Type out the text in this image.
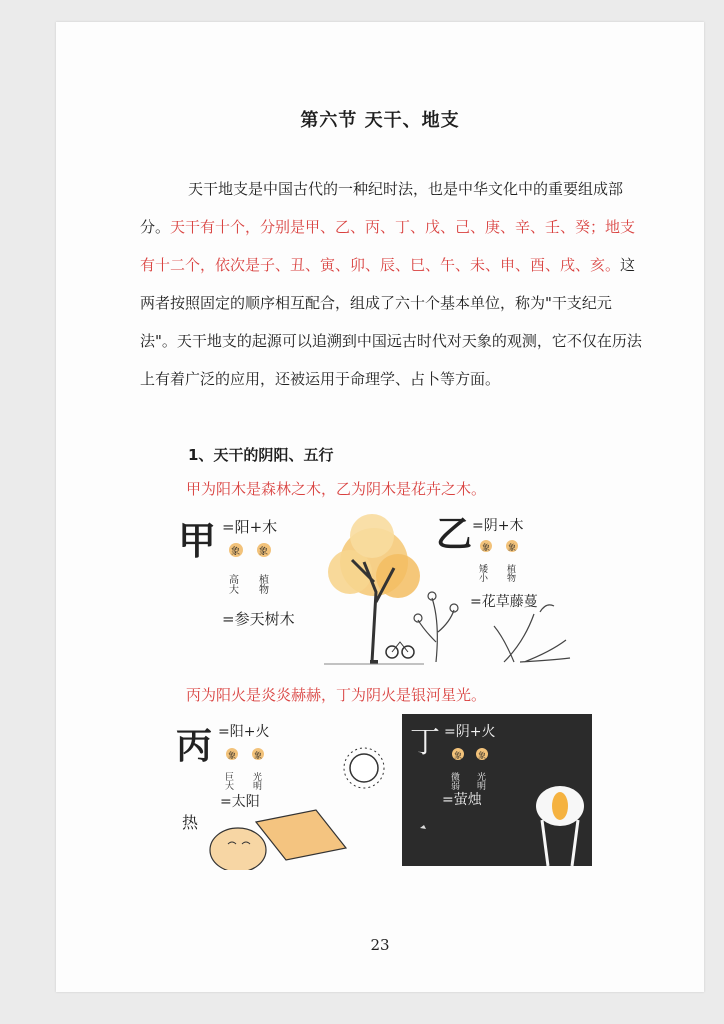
第六节 天干、地支
天干地支是中国古代的一种纪时法，也是中华文化中的重要组成部分。天干有十个，分别是甲、乙、丙、丁、戊、己、庚、辛、壬、癸；地支有十二个，依次是子、丑、寅、卯、辰、巳、午、未、申、酉、戌、亥。这两者按照固定的顺序相互配合，组成了六十个基本单位，称为"干支纪元法"。天干地支的起源可以追溯到中国远古时代对天象的观测，它不仅在历法上有着广泛的应用，还被运用于命理学、占卜等方面。
1、天干的阴阳、五行
甲为阳木是森林之木，乙为阴木是花卉之木。
甲 =阳+木
象 象
高大 植物
=参天树木
乙 =阴+木
象 象
矮小 植物
=花草藤蔓
丙为阳火是炎炎赫赫，丁为阴火是银河星光。
丙 =阳+火
象 象
巨大 光明
=太阳
热
丁 =阴+火
象 象
微弱 光明
=萤烛
23
